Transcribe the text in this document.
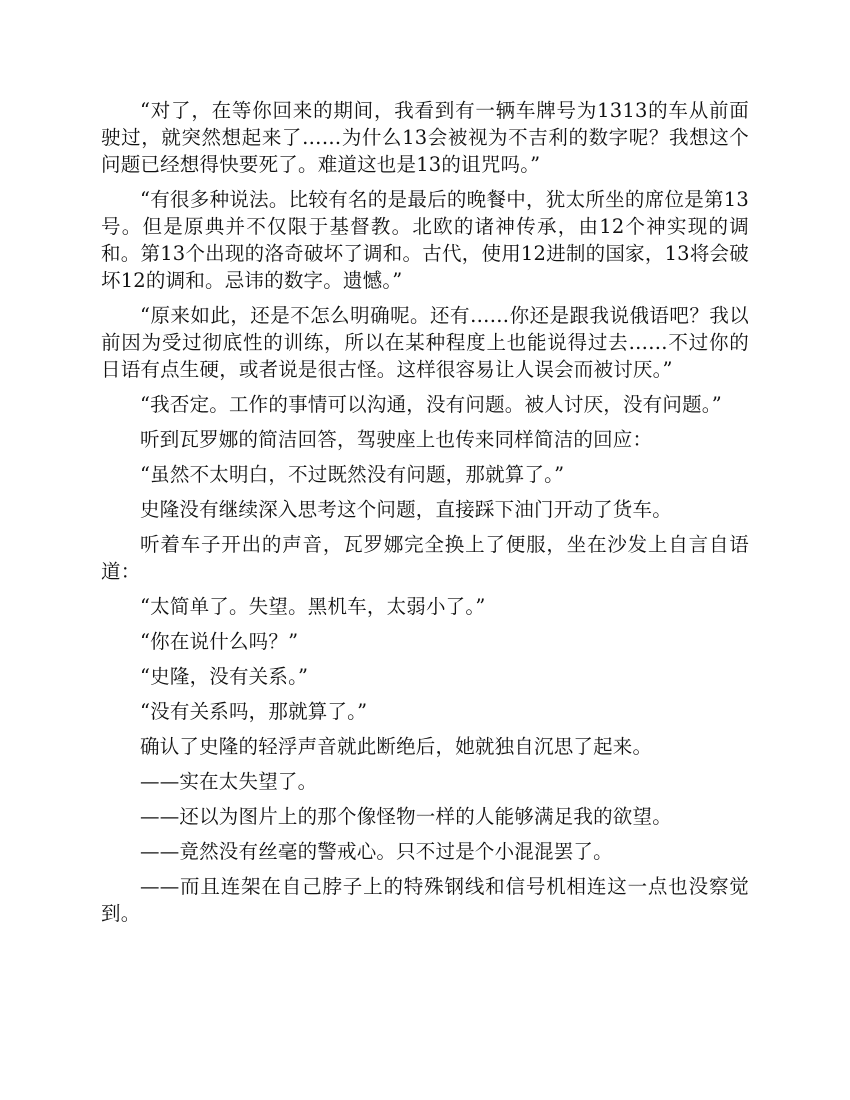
“对了，在等你回来的期间，我看到有一辆车牌号为1313的车从前面驶过，就突然想起来了……为什么13会被视为不吉利的数字呢？我想这个问题已经想得快要死了。难道这也是13的诅咒吗。”

“有很多种说法。比较有名的是最后的晚餐中，犹太所坐的席位是第13号。但是原典并不仅限于基督教。北欧的诸神传承，由12个神实现的调和。第13个出现的洛奇破坏了调和。古代，使用12进制的国家，13将会破坏12的调和。忌讳的数字。遗憾。”

“原来如此，还是不怎么明确呢。还有……你还是跟我说俄语吧？我以前因为受过彻底性的训练，所以在某种程度上也能说得过去……不过你的日语有点生硬，或者说是很古怪。这样很容易让人误会而被讨厌。”

“我否定。工作的事情可以沟通，没有问题。被人讨厌，没有问题。”

听到瓦罗娜的简洁回答，驾驶座上也传来同样简洁的回应：

“虽然不太明白，不过既然没有问题，那就算了。”

史隆没有继续深入思考这个问题，直接踩下油门开动了货车。

听着车子开出的声音，瓦罗娜完全换上了便服，坐在沙发上自言自语道：

“太简单了。失望。黑机车，太弱小了。”

“你在说什么吗？”

“史隆，没有关系。”

“没有关系吗，那就算了。”

确认了史隆的轻浮声音就此断绝后，她就独自沉思了起来。

——实在太失望了。

——还以为图片上的那个像怪物一样的人能够满足我的欲望。

——竟然没有丝毫的警戒心。只不过是个小混混罢了。

——而且连架在自己脖子上的特殊钢线和信号机相连这一点也没察觉到。
